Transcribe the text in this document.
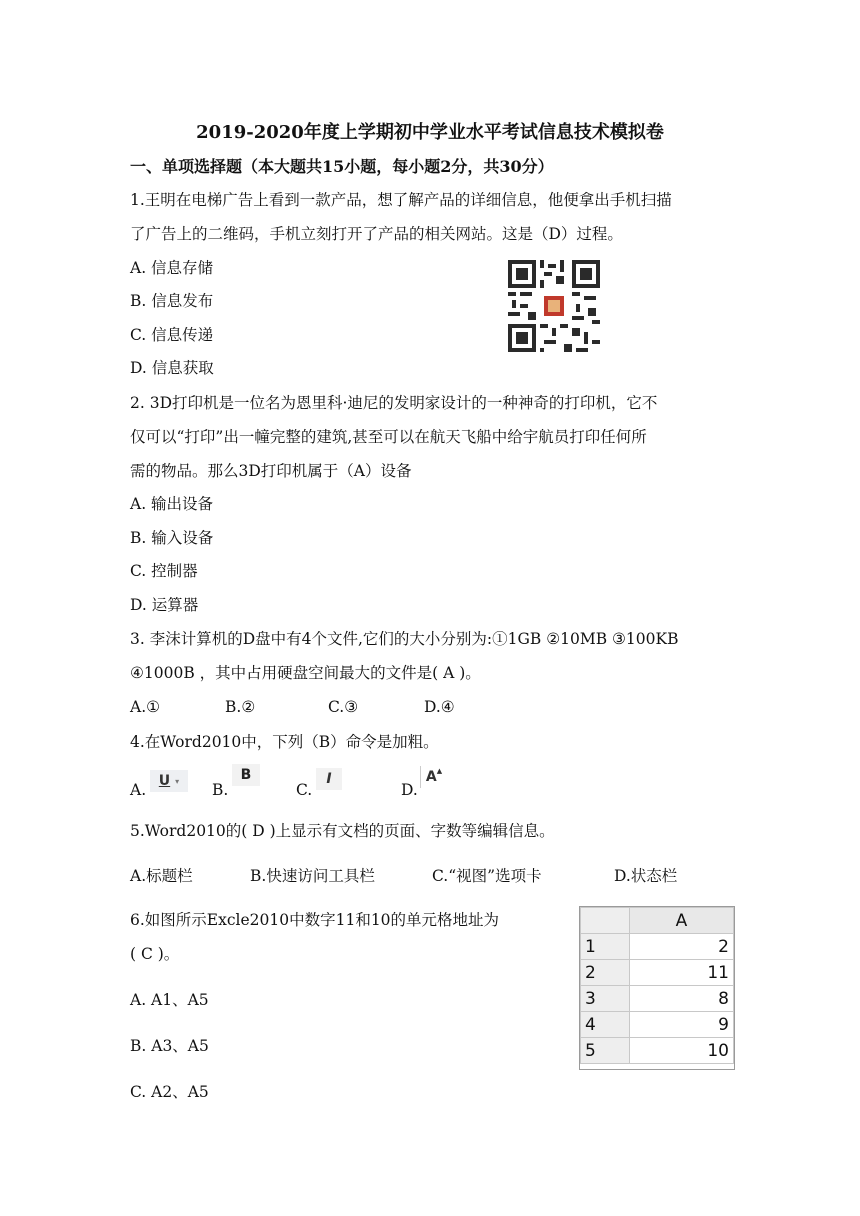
2019-2020年度上学期初中学业水平考试信息技术模拟卷
一、单项选择题（本大题共15小题，每小题2分，共30分）
1.王明在电梯广告上看到一款产品，想了解产品的详细信息，他便拿出手机扫描
了广告上的二维码，手机立刻打开了产品的相关网站。这是（D）过程。
A. 信息存储
B. 信息发布
C. 信息传递
D. 信息获取
2. 3D打印机是一位名为恩里科·迪尼的发明家设计的一种神奇的打印机，它不
仅可以“打印”出一幢完整的建筑,甚至可以在航天飞船中给宇航员打印任何所
需的物品。那么3D打印机属于（A）设备
A. 输出设备
B. 输入设备
C. 控制器
D. 运算器
3. 李沫计算机的D盘中有4个文件,它们的大小分别为:①1GB ②10MB ③100KB
④1000B ，其中占用硬盘空间最大的文件是( A )。
A.①	B.②	C.③	D.④
4.在Word2010中，下列（B）命令是加粗。
A. U ▾ B.
B
C.
I
D.
A ▲
5.Word2010的( D )上显示有文档的页面、字数等编辑信息。
A.标题栏	B.快速访问工具栏	C.“视图”选项卡	D.状态栏
6.如图所示Excle2010中数字11和10的单元格地址为
( C )。
A. A1、A5
B. A3、A5
C. A2、A5
	A
1	2
2	11
3	8
4	9
5	10
